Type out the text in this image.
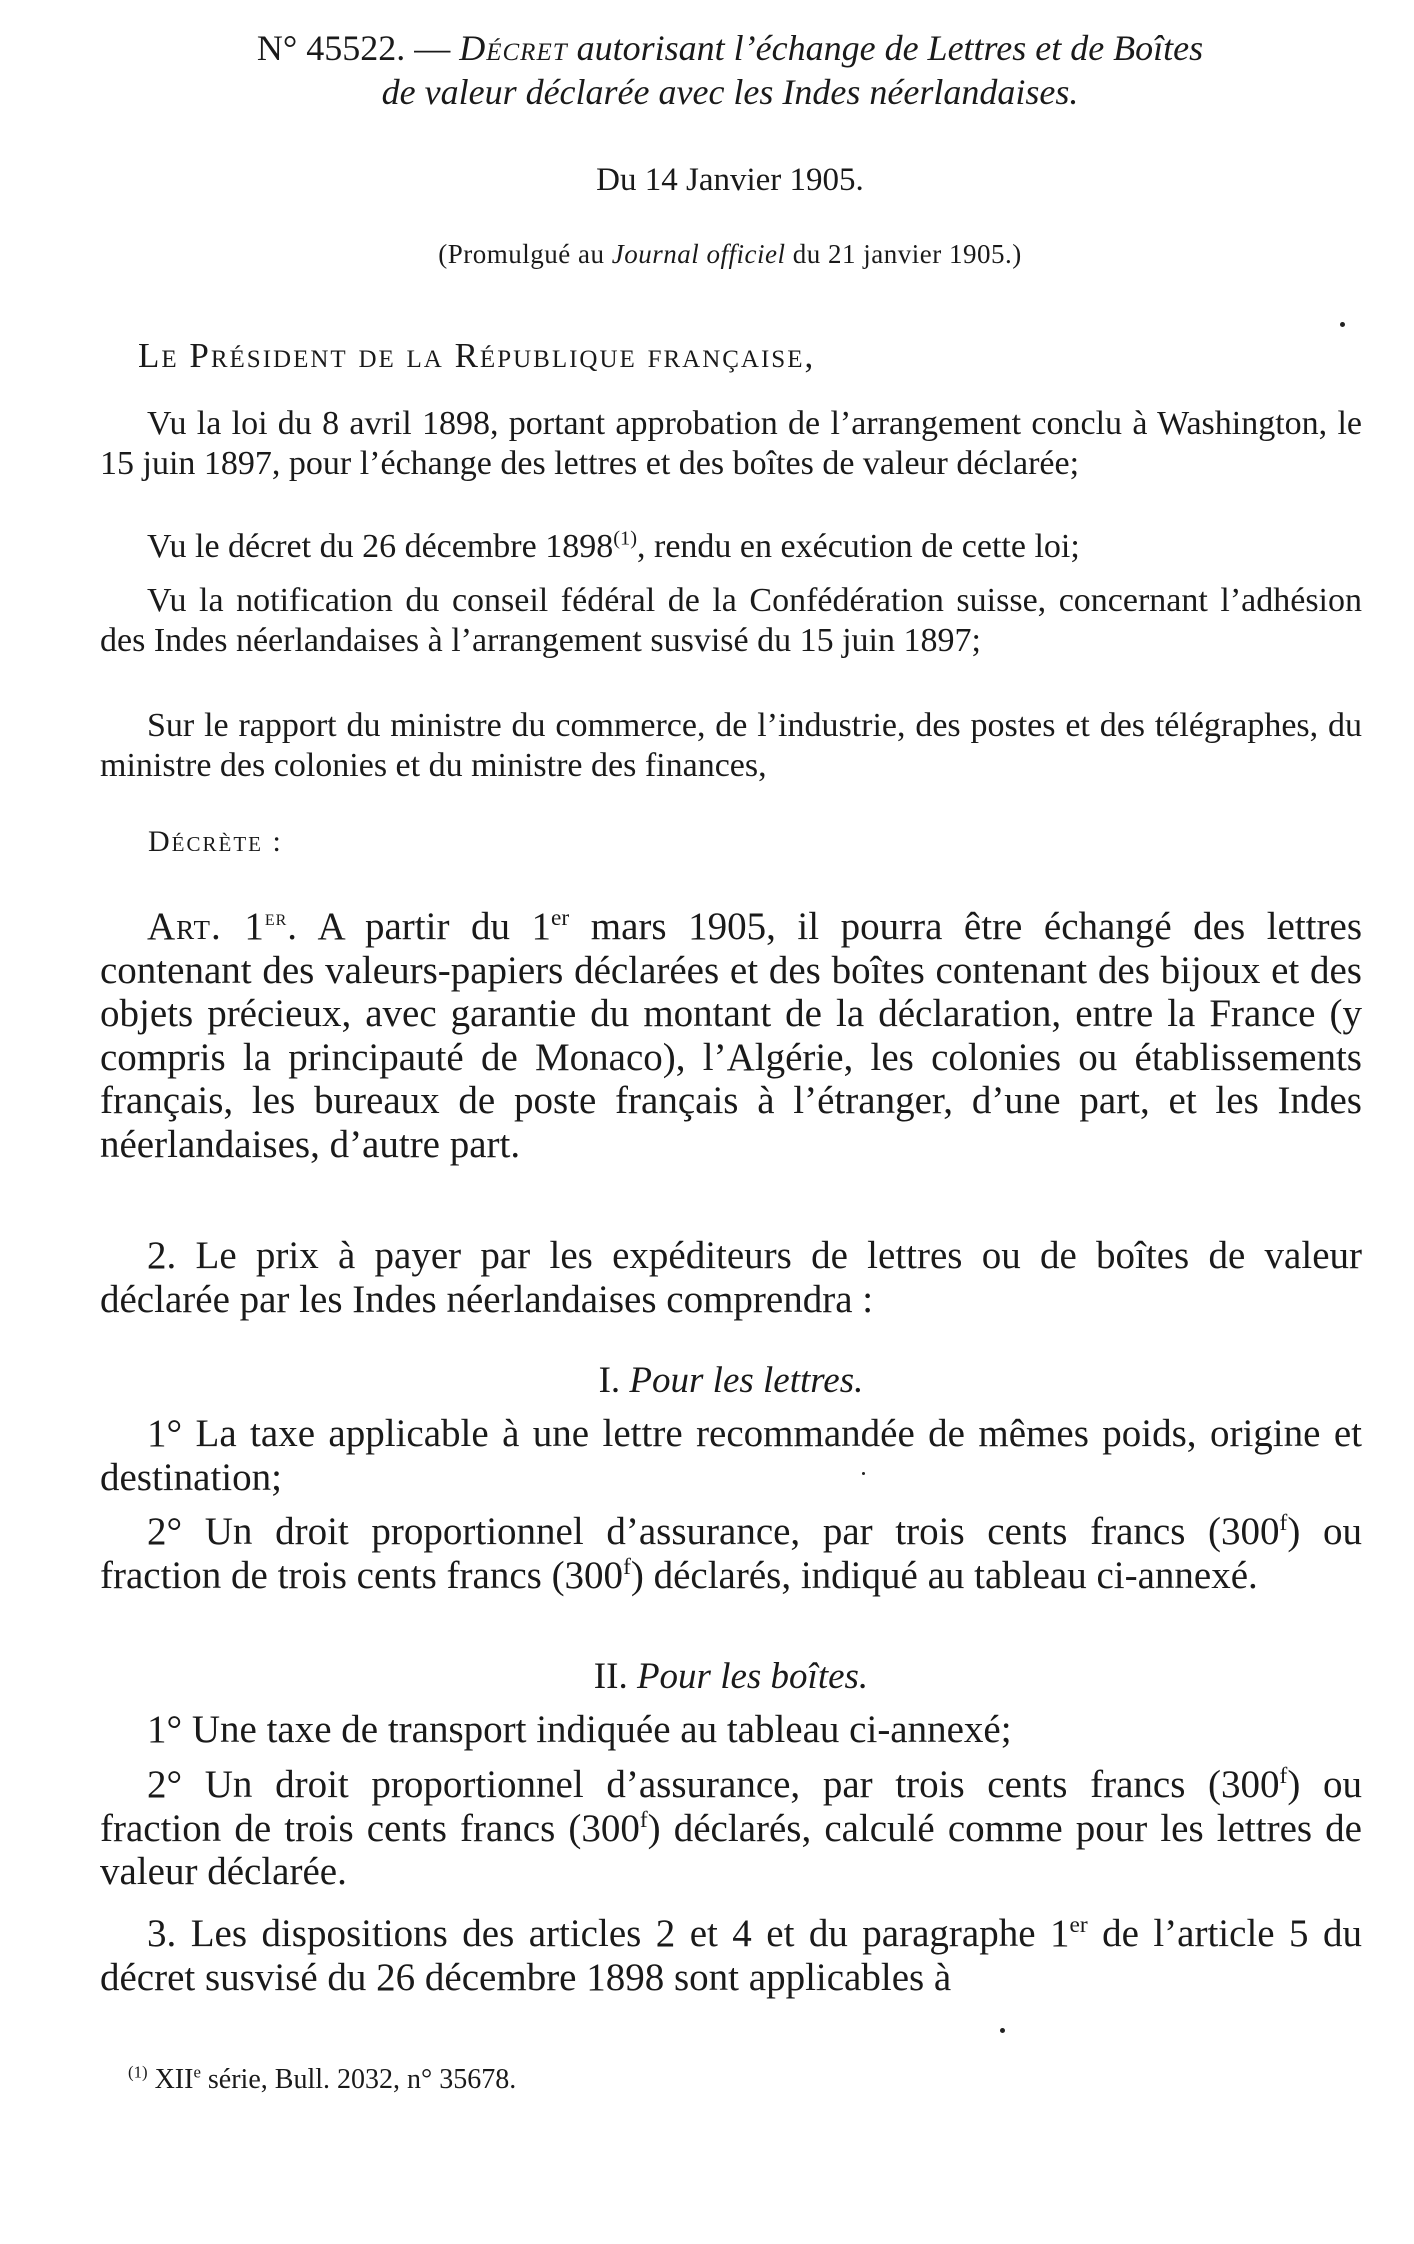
N° 45522. — Décret autorisant l’échange de Lettres et de Boîtes

de valeur déclarée avec les Indes néerlandaises.

Du 14 Janvier 1905.

(Promulgué au Journal officiel du 21 janvier 1905.)

Le Président de la République française,

Vu la loi du 8 avril 1898, portant approbation de l’arrangement conclu à Washington, le 15 juin 1897, pour l’échange des lettres et des boîtes de valeur déclarée;

Vu le décret du 26 décembre 1898$^{(1)}$, rendu en exécution de cette loi;

Vu la notification du conseil fédéral de la Confédération suisse, concernant l’adhésion des Indes néerlandaises à l’arrangement susvisé du 15 juin 1897;

Sur le rapport du ministre du commerce, de l’industrie, des postes et des télégraphes, du ministre des colonies et du ministre des finances,

Décrète :

Art. 1er. A partir du 1er mars 1905, il pourra être échangé des lettres contenant des valeurs-papiers déclarées et des boîtes contenant des bijoux et des objets précieux, avec garantie du montant de la déclaration, entre la France (y compris la principauté de Monaco), l’Algérie, les colonies ou établissements français, les bureaux de poste français à l’étranger, d’une part, et les Indes néerlandaises, d’autre part.

2. Le prix à payer par les expéditeurs de lettres ou de boîtes de valeur déclarée par les Indes néerlandaises comprendra :

I. Pour les lettres.

1° La taxe applicable à une lettre recommandée de mêmes poids, origine et destination;

2° Un droit proportionnel d’assurance, par trois cents francs (300$^f$) ou fraction de trois cents francs (300$^f$) déclarés, indiqué au tableau ci-annexé.

II. Pour les boîtes.

1° Une taxe de transport indiquée au tableau ci-annexé;

2° Un droit proportionnel d’assurance, par trois cents francs (300$^f$) ou fraction de trois cents francs (300$^f$) déclarés, calculé comme pour les lettres de valeur déclarée.

3. Les dispositions des articles 2 et 4 et du paragraphe 1er de l’article 5 du décret susvisé du 26 décembre 1898 sont applicables à

$^{(1)}$ XIIe série, Bull. 2032, n° 35678.
